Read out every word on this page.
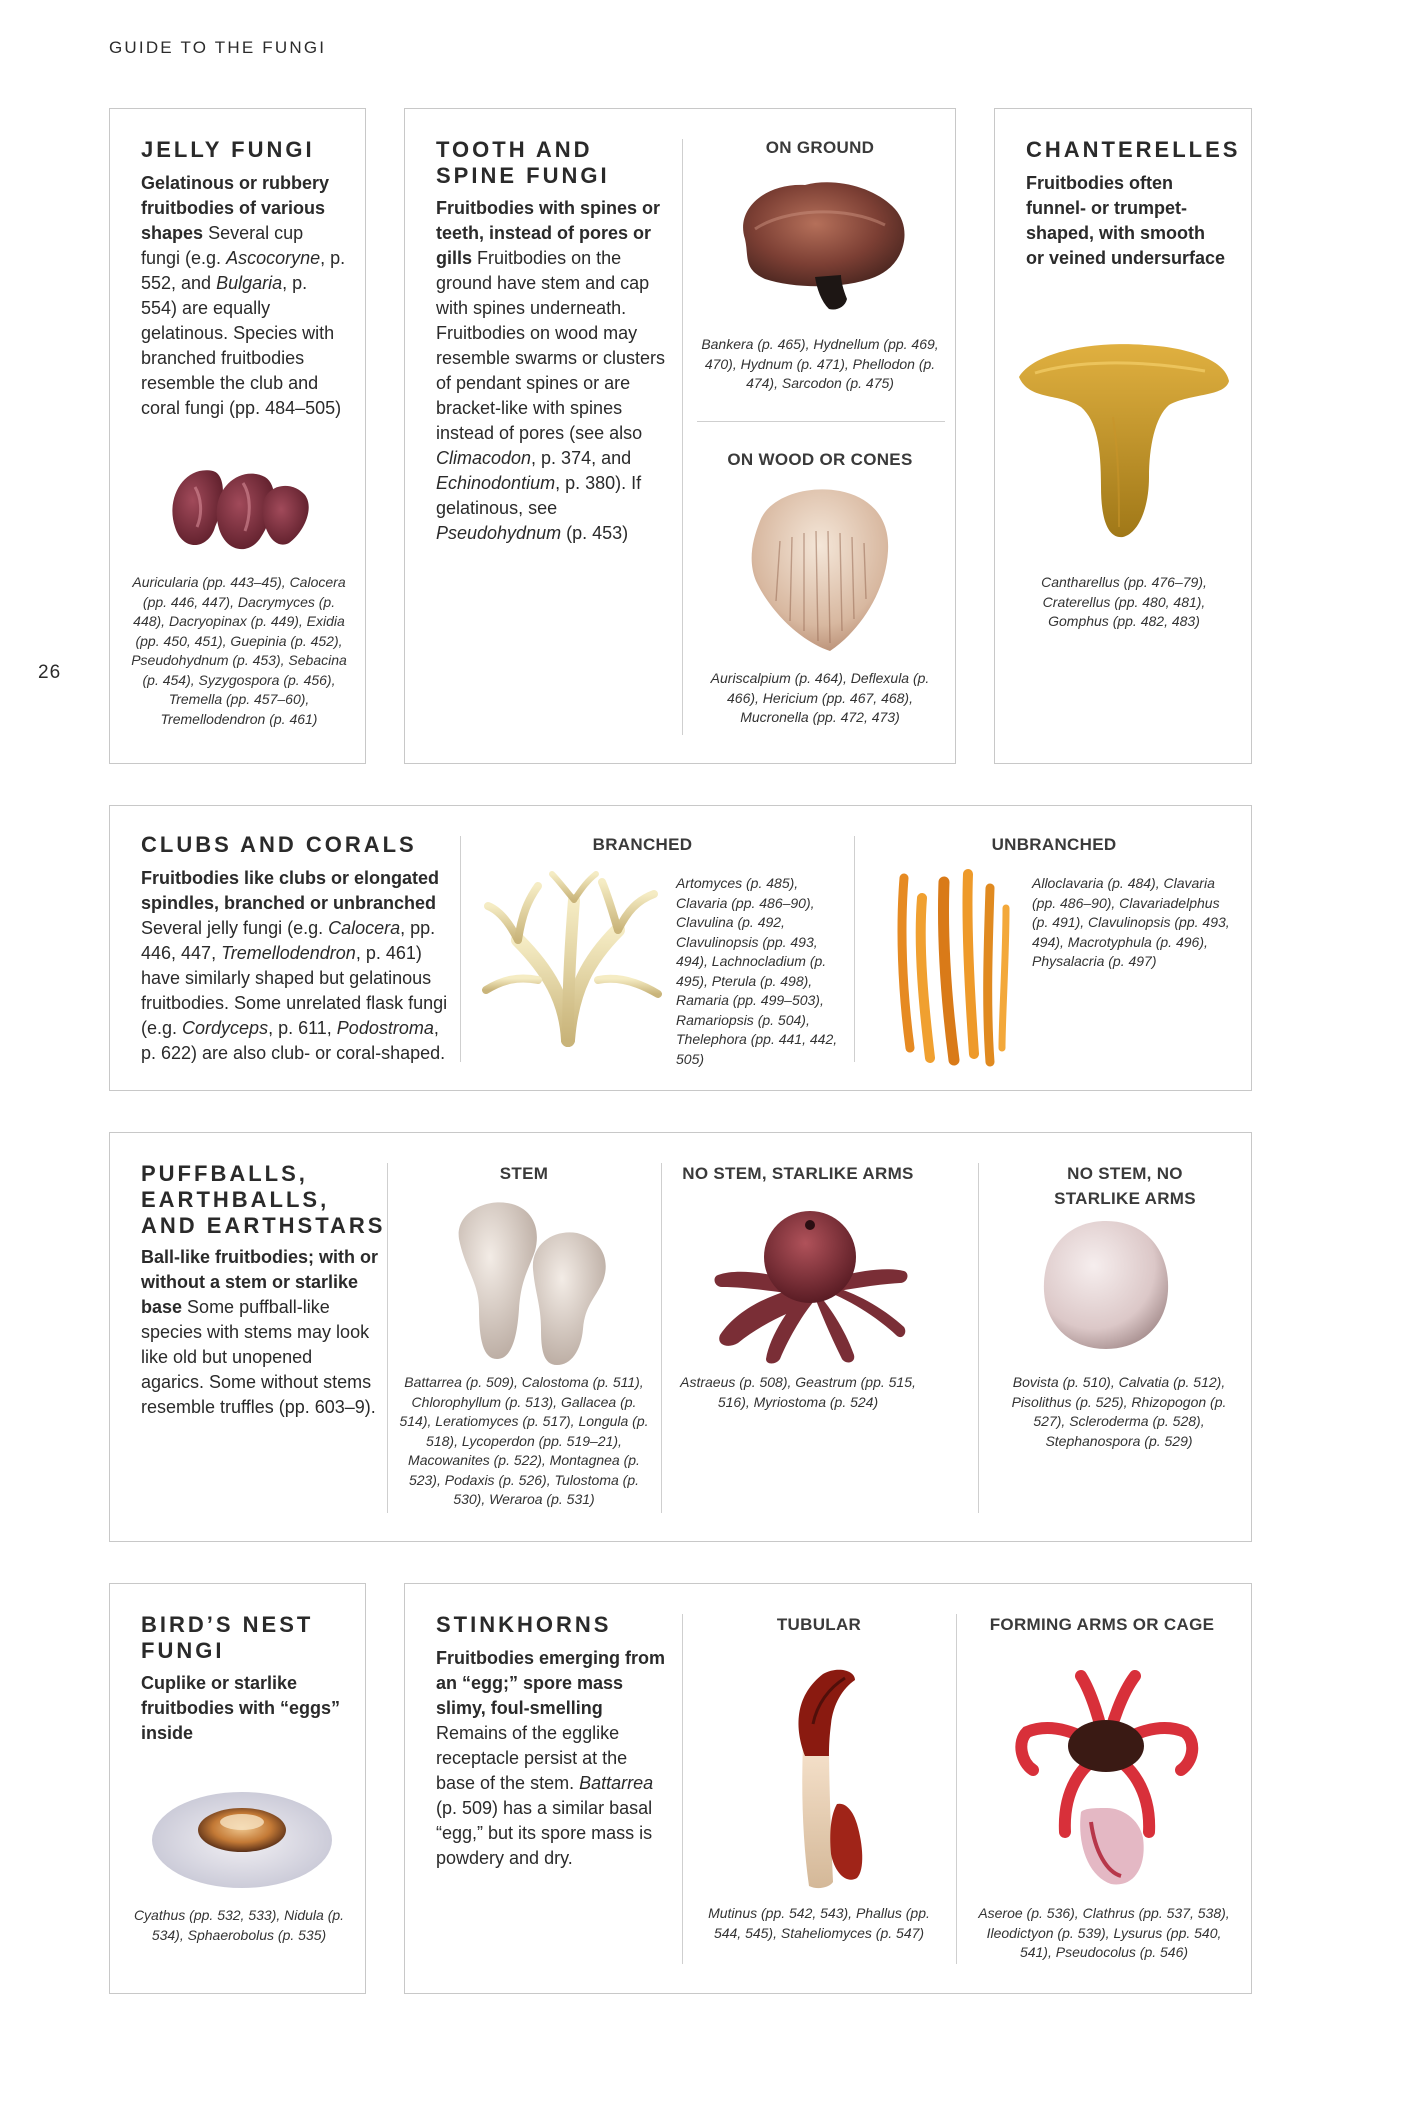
GUIDE TO THE FUNGI
26
JELLY FUNGI
Gelatinous or rubbery fruitbodies of various shapes Several cup fungi (e.g. Ascocoryne, p. 552, and Bulgaria, p. 554) are equally gelatinous. Species with branched fruitbodies resemble the club and coral fungi (pp. 484–505)
Auricularia (pp. 443–45), Calocera (pp. 446, 447), Dacrymyces (p. 448), Dacryopinax (p. 449), Exidia (pp. 450, 451), Guepinia (p. 452), Pseudohydnum (p. 453), Sebacina (p. 454), Syzygospora (p. 456), Tremella (pp. 457–60), Tremellodendron (p. 461)
TOOTH AND SPINE FUNGI
Fruitbodies with spines or teeth, instead of pores or gills Fruitbodies on the ground have stem and cap with spines underneath. Fruitbodies on wood may resemble swarms or clusters of pendant spines or are bracket-like with spines instead of pores (see also Climacodon, p. 374, and Echinodontium, p. 380). If gelatinous, see Pseudohydnum (p. 453)
ON GROUND
Bankera (p. 465), Hydnellum (pp. 469, 470), Hydnum (p. 471), Phellodon (p. 474), Sarcodon (p. 475)
ON WOOD OR CONES
Auriscalpium (p. 464), Deflexula (p. 466), Hericium (pp. 467, 468), Mucronella (pp. 472, 473)
CHANTERELLES
Fruitbodies often funnel- or trumpet-shaped, with smooth or veined undersurface
Cantharellus (pp. 476–79), Craterellus (pp. 480, 481), Gomphus (pp. 482, 483)
CLUBS AND CORALS
Fruitbodies like clubs or elongated spindles, branched or unbranched Several jelly fungi (e.g. Calocera, pp. 446, 447, Tremellodendron, p. 461) have similarly shaped but gelatinous fruitbodies. Some unrelated flask fungi (e.g. Cordyceps, p. 611, Podostroma, p. 622) are also club- or coral-shaped.
BRANCHED
Artomyces (p. 485), Clavaria (pp. 486–90), Clavulina (p. 492, Clavulinopsis (pp. 493, 494), Lachnocladium (p. 495), Pterula (p. 498), Ramaria (pp. 499–503), Ramariopsis (p. 504), Thelephora (pp. 441, 442, 505)
UNBRANCHED
Alloclavaria (p. 484), Clavaria (pp. 486–90), Clavariadelphus (p. 491), Clavulinopsis (pp. 493, 494), Macrotyphula (p. 496), Physalacria (p. 497)
PUFFBALLS, EARTHBALLS, AND EARTHSTARS
Ball-like fruitbodies; with or without a stem or starlike base Some puffball-like species with stems may look like old but unopened agarics. Some without stems resemble truffles (pp. 603–9).
STEM
Battarrea (p. 509), Calostoma (p. 511), Chlorophyllum (p. 513), Gallacea (p. 514), Leratiomyces (p. 517), Longula (p. 518), Lycoperdon (pp. 519–21), Macowanites (p. 522), Montagnea (p. 523), Podaxis (p. 526), Tulostoma (p. 530), Weraroa (p. 531)
NO STEM, STARLIKE ARMS
Astraeus (p. 508), Geastrum (pp. 515, 516), Myriostoma (p. 524)
NO STEM, NO STARLIKE ARMS
Bovista (p. 510), Calvatia (p. 512), Pisolithus (p. 525), Rhizopogon (p. 527), Scleroderma (p. 528), Stephanospora (p. 529)
BIRD’S NEST FUNGI
Cuplike or starlike fruitbodies with “eggs” inside
Cyathus (pp. 532, 533), Nidula (p. 534), Sphaerobolus (p. 535)
STINKHORNS
Fruitbodies emerging from an “egg;” spore mass slimy, foul-smelling Remains of the egglike receptacle persist at the base of the stem. Battarrea (p. 509) has a similar basal “egg,” but its spore mass is powdery and dry.
TUBULAR
Mutinus (pp. 542, 543), Phallus (pp. 544, 545), Staheliomyces (p. 547)
FORMING ARMS OR CAGE
Aseroe (p. 536), Clathrus (pp. 537, 538), Ileodictyon (p. 539), Lysurus (pp. 540, 541), Pseudocolus (p. 546)
